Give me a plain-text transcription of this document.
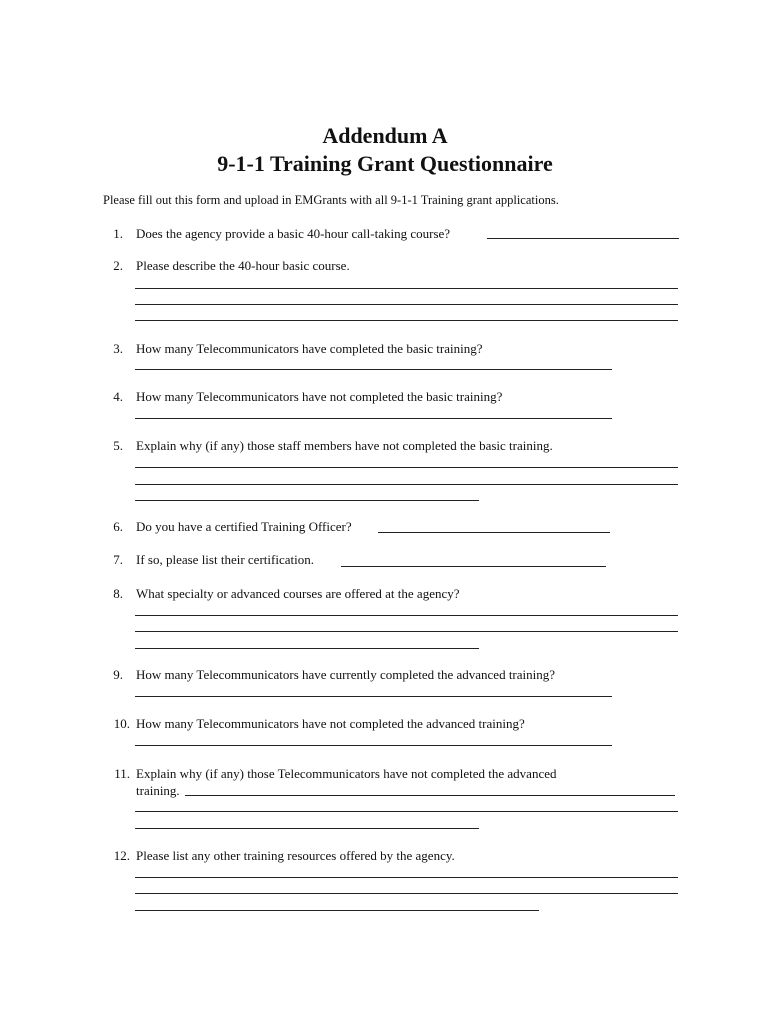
Addendum A
9-1-1 Training Grant Questionnaire
Please fill out this form and upload in EMGrants with all 9-1-1 Training grant applications.
1. Does the agency provide a basic 40-hour call-taking course?
2. Please describe the 40-hour basic course.
3. How many Telecommunicators have completed the basic training?
4. How many Telecommunicators have not completed the basic training?
5. Explain why (if any) those staff members have not completed the basic training.
6. Do you have a certified Training Officer?
7. If so, please list their certification.
8. What specialty or advanced courses are offered at the agency?
9. How many Telecommunicators have currently completed the advanced training?
10. How many Telecommunicators have not completed the advanced training?
11. Explain why (if any) those Telecommunicators have not completed the advanced
training.
12. Please list any other training resources offered by the agency.
